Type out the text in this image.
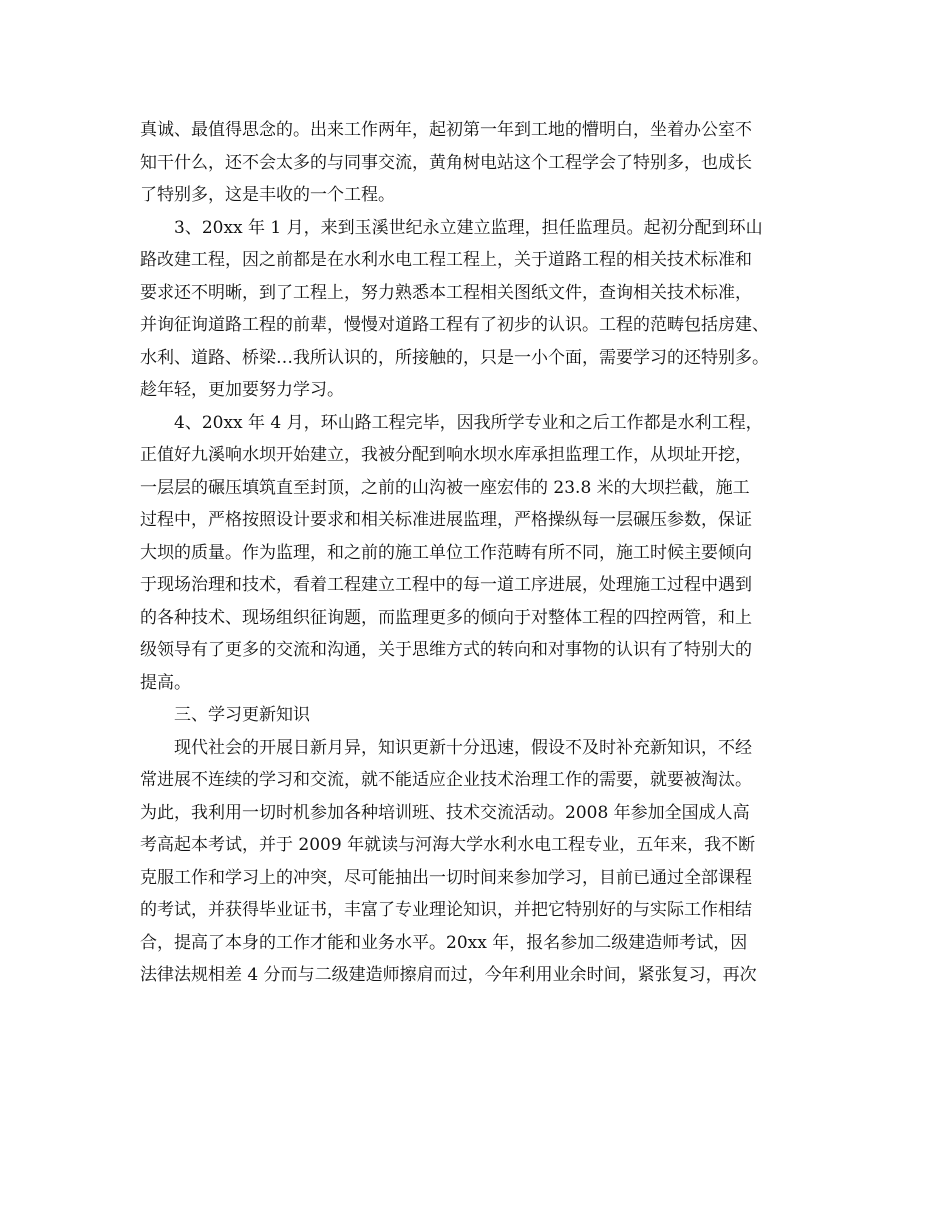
真诚、最值得思念的。出来工作两年，起初第一年到工地的懵明白，坐着办公室不
知干什么，还不会太多的与同事交流，黄角树电站这个工程学会了特别多，也成长
了特别多，这是丰收的一个工程。
　　3、20xx 年 1 月，来到玉溪世纪永立建立监理，担任监理员。起初分配到环山
路改建工程，因之前都是在水利水电工程工程上，关于道路工程的相关技术标准和
要求还不明晰，到了工程上，努力熟悉本工程相关图纸文件，查询相关技术标准，
并询征询道路工程的前辈，慢慢对道路工程有了初步的认识。工程的范畴包括房建、
水利、道路、桥梁…我所认识的，所接触的，只是一小个面，需要学习的还特别多。
趁年轻，更加要努力学习。
　　4、20xx 年 4 月，环山路工程完毕，因我所学专业和之后工作都是水利工程，
正值好九溪响水坝开始建立，我被分配到响水坝水库承担监理工作，从坝址开挖，
一层层的碾压填筑直至封顶，之前的山沟被一座宏伟的 23.8 米的大坝拦截，施工
过程中，严格按照设计要求和相关标准进展监理，严格操纵每一层碾压参数，保证
大坝的质量。作为监理，和之前的施工单位工作范畴有所不同，施工时候主要倾向
于现场治理和技术，看着工程建立工程中的每一道工序进展，处理施工过程中遇到
的各种技术、现场组织征询题，而监理更多的倾向于对整体工程的四控两管，和上
级领导有了更多的交流和沟通，关于思维方式的转向和对事物的认识有了特别大的
提高。
　　三、学习更新知识
　　现代社会的开展日新月异，知识更新十分迅速，假设不及时补充新知识，不经
常进展不连续的学习和交流，就不能适应企业技术治理工作的需要，就要被淘汰。
为此，我利用一切时机参加各种培训班、技术交流活动。2008 年参加全国成人高
考高起本考试，并于 2009 年就读与河海大学水利水电工程专业，五年来，我不断
克服工作和学习上的冲突，尽可能抽出一切时间来参加学习，目前已通过全部课程
的考试，并获得毕业证书，丰富了专业理论知识，并把它特别好的与实际工作相结
合，提高了本身的工作才能和业务水平。20xx 年，报名参加二级建造师考试，因
法律法规相差 4 分而与二级建造师擦肩而过，今年利用业余时间，紧张复习，再次
